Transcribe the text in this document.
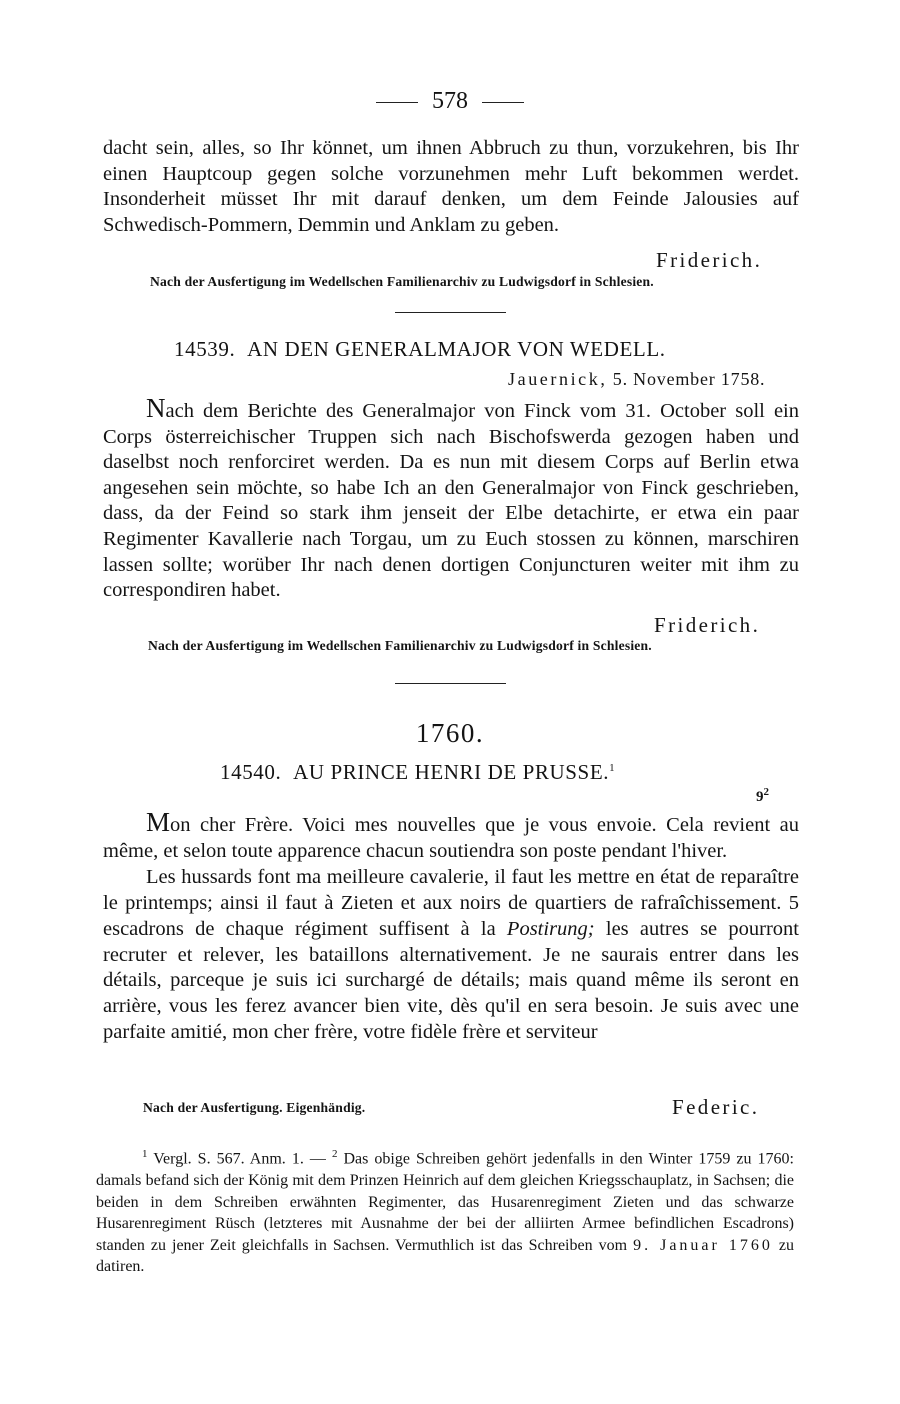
578

dacht sein, alles, so Ihr könnet, um ihnen Abbruch zu thun, vorzukehren, bis Ihr einen Hauptcoup gegen solche vorzunehmen mehr Luft bekommen werdet. Insonderheit müsset Ihr mit darauf denken, um dem Feinde Jalousies auf Schwedisch-Pommern, Demmin und Anklam zu geben.

Friderich.
Nach der Ausfertigung im Wedellschen Familienarchiv zu Ludwigsdorf in Schlesien.
14539. AN DEN GENERALMAJOR VON WEDELL.
Jauernick, 5. November 1758.

Nach dem Berichte des Generalmajor von Finck vom 31. October soll ein Corps österreichischer Truppen sich nach Bischofswerda gezogen haben und daselbst noch renforciret werden. Da es nun mit diesem Corps auf Berlin etwa angesehen sein möchte, so habe Ich an den Generalmajor von Finck geschrieben, dass, da der Feind so stark ihm jenseit der Elbe detachirte, er etwa ein paar Regimenter Kavallerie nach Torgau, um zu Euch stossen zu können, marschiren lassen sollte; worüber Ihr nach denen dortigen Conjuncturen weiter mit ihm zu correspondiren habet.

Friderich.
Nach der Ausfertigung im Wedellschen Familienarchiv zu Ludwigsdorf in Schlesien.
1760.
14540. AU PRINCE HENRI DE PRUSSE.$^1$
$9^2$

Mon cher Frère. Voici mes nouvelles que je vous envoie. Cela revient au même, et selon toute apparence chacun soutiendra son poste pendant l'hiver.

Les hussards font ma meilleure cavalerie, il faut les mettre en état de reparaître le printemps; ainsi il faut à Zieten et aux noirs de quartiers de rafraîchissement. 5 escadrons de chaque régiment suffisent à la Postirung; les autres se pourront recruter et relever, les bataillons alternativement. Je ne saurais entrer dans les détails, parceque je suis ici surchargé de détails; mais quand même ils seront en arrière, vous les ferez avancer bien vite, dès qu'il en sera besoin. Je suis avec une parfaite amitié, mon cher frère, votre fidèle frère et serviteur

Nach der Ausfertigung. Eigenhändig.	Federic.

$^1$ Vergl. S. 567. Anm. 1. — $^2$ Das obige Schreiben gehört jedenfalls in den Winter 1759 zu 1760: damals befand sich der König mit dem Prinzen Heinrich auf dem gleichen Kriegsschauplatz, in Sachsen; die beiden in dem Schreiben erwähnten Regimenter, das Husarenregiment Zieten und das schwarze Husarenregiment Rüsch (letzteres mit Ausnahme der bei der alliirten Armee befindlichen Escadrons) standen zu jener Zeit gleichfalls in Sachsen. Vermuthlich ist das Schreiben vom 9. Januar 1760 zu datiren.
